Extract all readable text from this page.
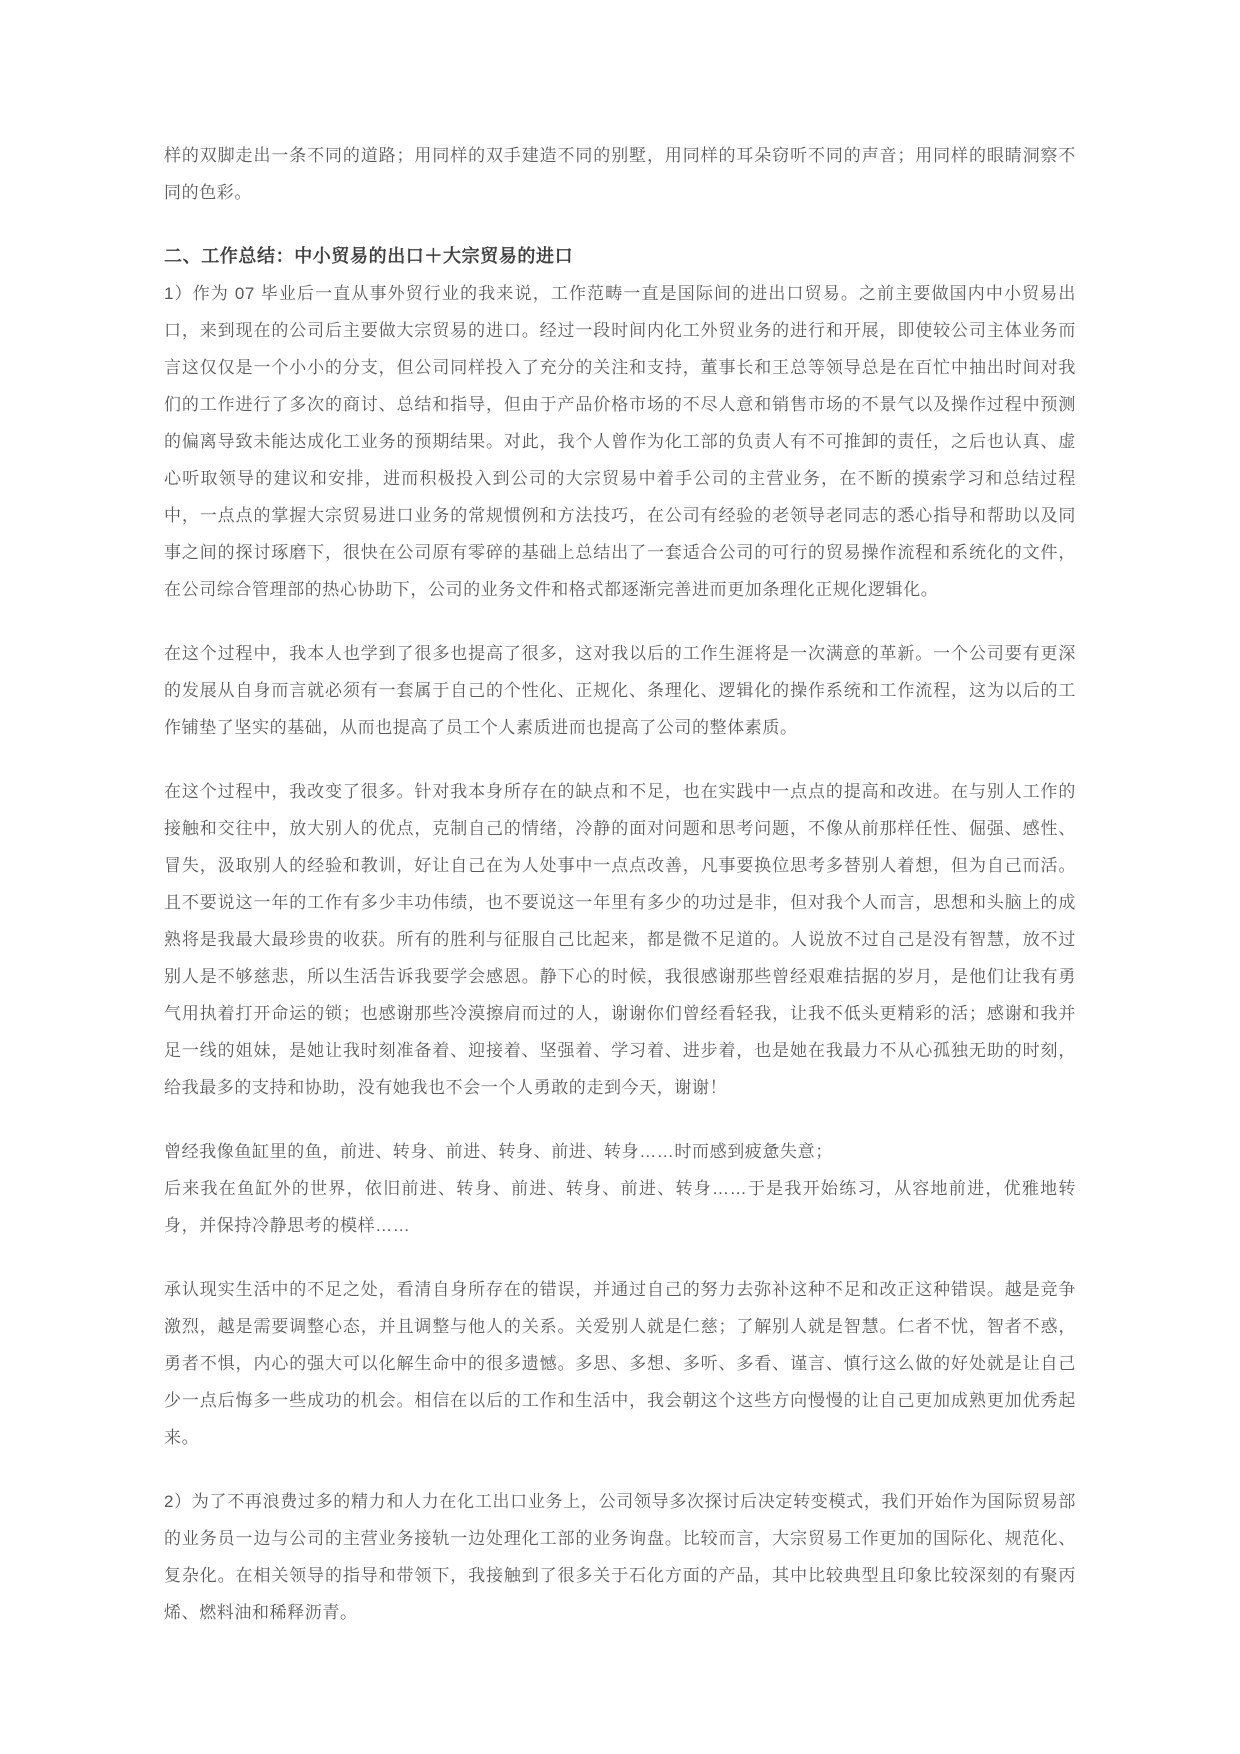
样的双脚走出一条不同的道路；用同样的双手建造不同的别墅，用同样的耳朵窃听不同的声音；用同样的眼睛洞察不同的色彩。

二、工作总结：中小贸易的出口＋大宗贸易的进口

1）作为 07 毕业后一直从事外贸行业的我来说，工作范畴一直是国际间的进出口贸易。之前主要做国内中小贸易出口，来到现在的公司后主要做大宗贸易的进口。经过一段时间内化工外贸业务的进行和开展，即使较公司主体业务而言这仅仅是一个小小的分支，但公司同样投入了充分的关注和支持，董事长和王总等领导总是在百忙中抽出时间对我们的工作进行了多次的商讨、总结和指导，但由于产品价格市场的不尽人意和销售市场的不景气以及操作过程中预测的偏离导致未能达成化工业务的预期结果。对此，我个人曾作为化工部的负责人有不可推卸的责任，之后也认真、虚心听取领导的建议和安排，进而积极投入到公司的大宗贸易中着手公司的主营业务，在不断的摸索学习和总结过程中，一点点的掌握大宗贸易进口业务的常规惯例和方法技巧，在公司有经验的老领导老同志的悉心指导和帮助以及同事之间的探讨琢磨下，很快在公司原有零碎的基础上总结出了一套适合公司的可行的贸易操作流程和系统化的文件，在公司综合管理部的热心协助下，公司的业务文件和格式都逐渐完善进而更加条理化正规化逻辑化。

在这个过程中，我本人也学到了很多也提高了很多，这对我以后的工作生涯将是一次满意的革新。一个公司要有更深的发展从自身而言就必须有一套属于自己的个性化、正规化、条理化、逻辑化的操作系统和工作流程，这为以后的工作铺垫了坚实的基础，从而也提高了员工个人素质进而也提高了公司的整体素质。

在这个过程中，我改变了很多。针对我本身所存在的缺点和不足，也在实践中一点点的提高和改进。在与别人工作的接触和交往中，放大别人的优点，克制自己的情绪，冷静的面对问题和思考问题，不像从前那样任性、倔强、感性、冒失，汲取别人的经验和教训，好让自己在为人处事中一点点改善，凡事要换位思考多替别人着想，但为自己而活。且不要说这一年的工作有多少丰功伟绩，也不要说这一年里有多少的功过是非，但对我个人而言，思想和头脑上的成熟将是我最大最珍贵的收获。所有的胜利与征服自己比起来，都是微不足道的。人说放不过自己是没有智慧，放不过别人是不够慈悲，所以生活告诉我要学会感恩。静下心的时候，我很感谢那些曾经艰难拮据的岁月，是他们让我有勇气用执着打开命运的锁；也感谢那些冷漠擦肩而过的人，谢谢你们曾经看轻我，让我不低头更精彩的活；感谢和我并足一线的姐妹，是她让我时刻准备着、迎接着、坚强着、学习着、进步着，也是她在我最力不从心孤独无助的时刻，给我最多的支持和协助，没有她我也不会一个人勇敢的走到今天，谢谢！

曾经我像鱼缸里的鱼，前进、转身、前进、转身、前进、转身……时而感到疲惫失意；
后来我在鱼缸外的世界，依旧前进、转身、前进、转身、前进、转身……于是我开始练习，从容地前进，优雅地转身，并保持冷静思考的模样……

承认现实生活中的不足之处，看清自身所存在的错误，并通过自己的努力去弥补这种不足和改正这种错误。越是竞争激烈，越是需要调整心态，并且调整与他人的关系。关爱别人就是仁慈；了解别人就是智慧。仁者不忧，智者不惑，勇者不惧，内心的强大可以化解生命中的很多遗憾。多思、多想、多听、多看、谨言、慎行这么做的好处就是让自己少一点后悔多一些成功的机会。相信在以后的工作和生活中，我会朝这个这些方向慢慢的让自己更加成熟更加优秀起来。

2）为了不再浪费过多的精力和人力在化工出口业务上，公司领导多次探讨后决定转变模式，我们开始作为国际贸易部的业务员一边与公司的主营业务接轨一边处理化工部的业务询盘。比较而言，大宗贸易工作更加的国际化、规范化、复杂化。在相关领导的指导和带领下，我接触到了很多关于石化方面的产品，其中比较典型且印象比较深刻的有聚丙烯、燃料油和稀释沥青。
